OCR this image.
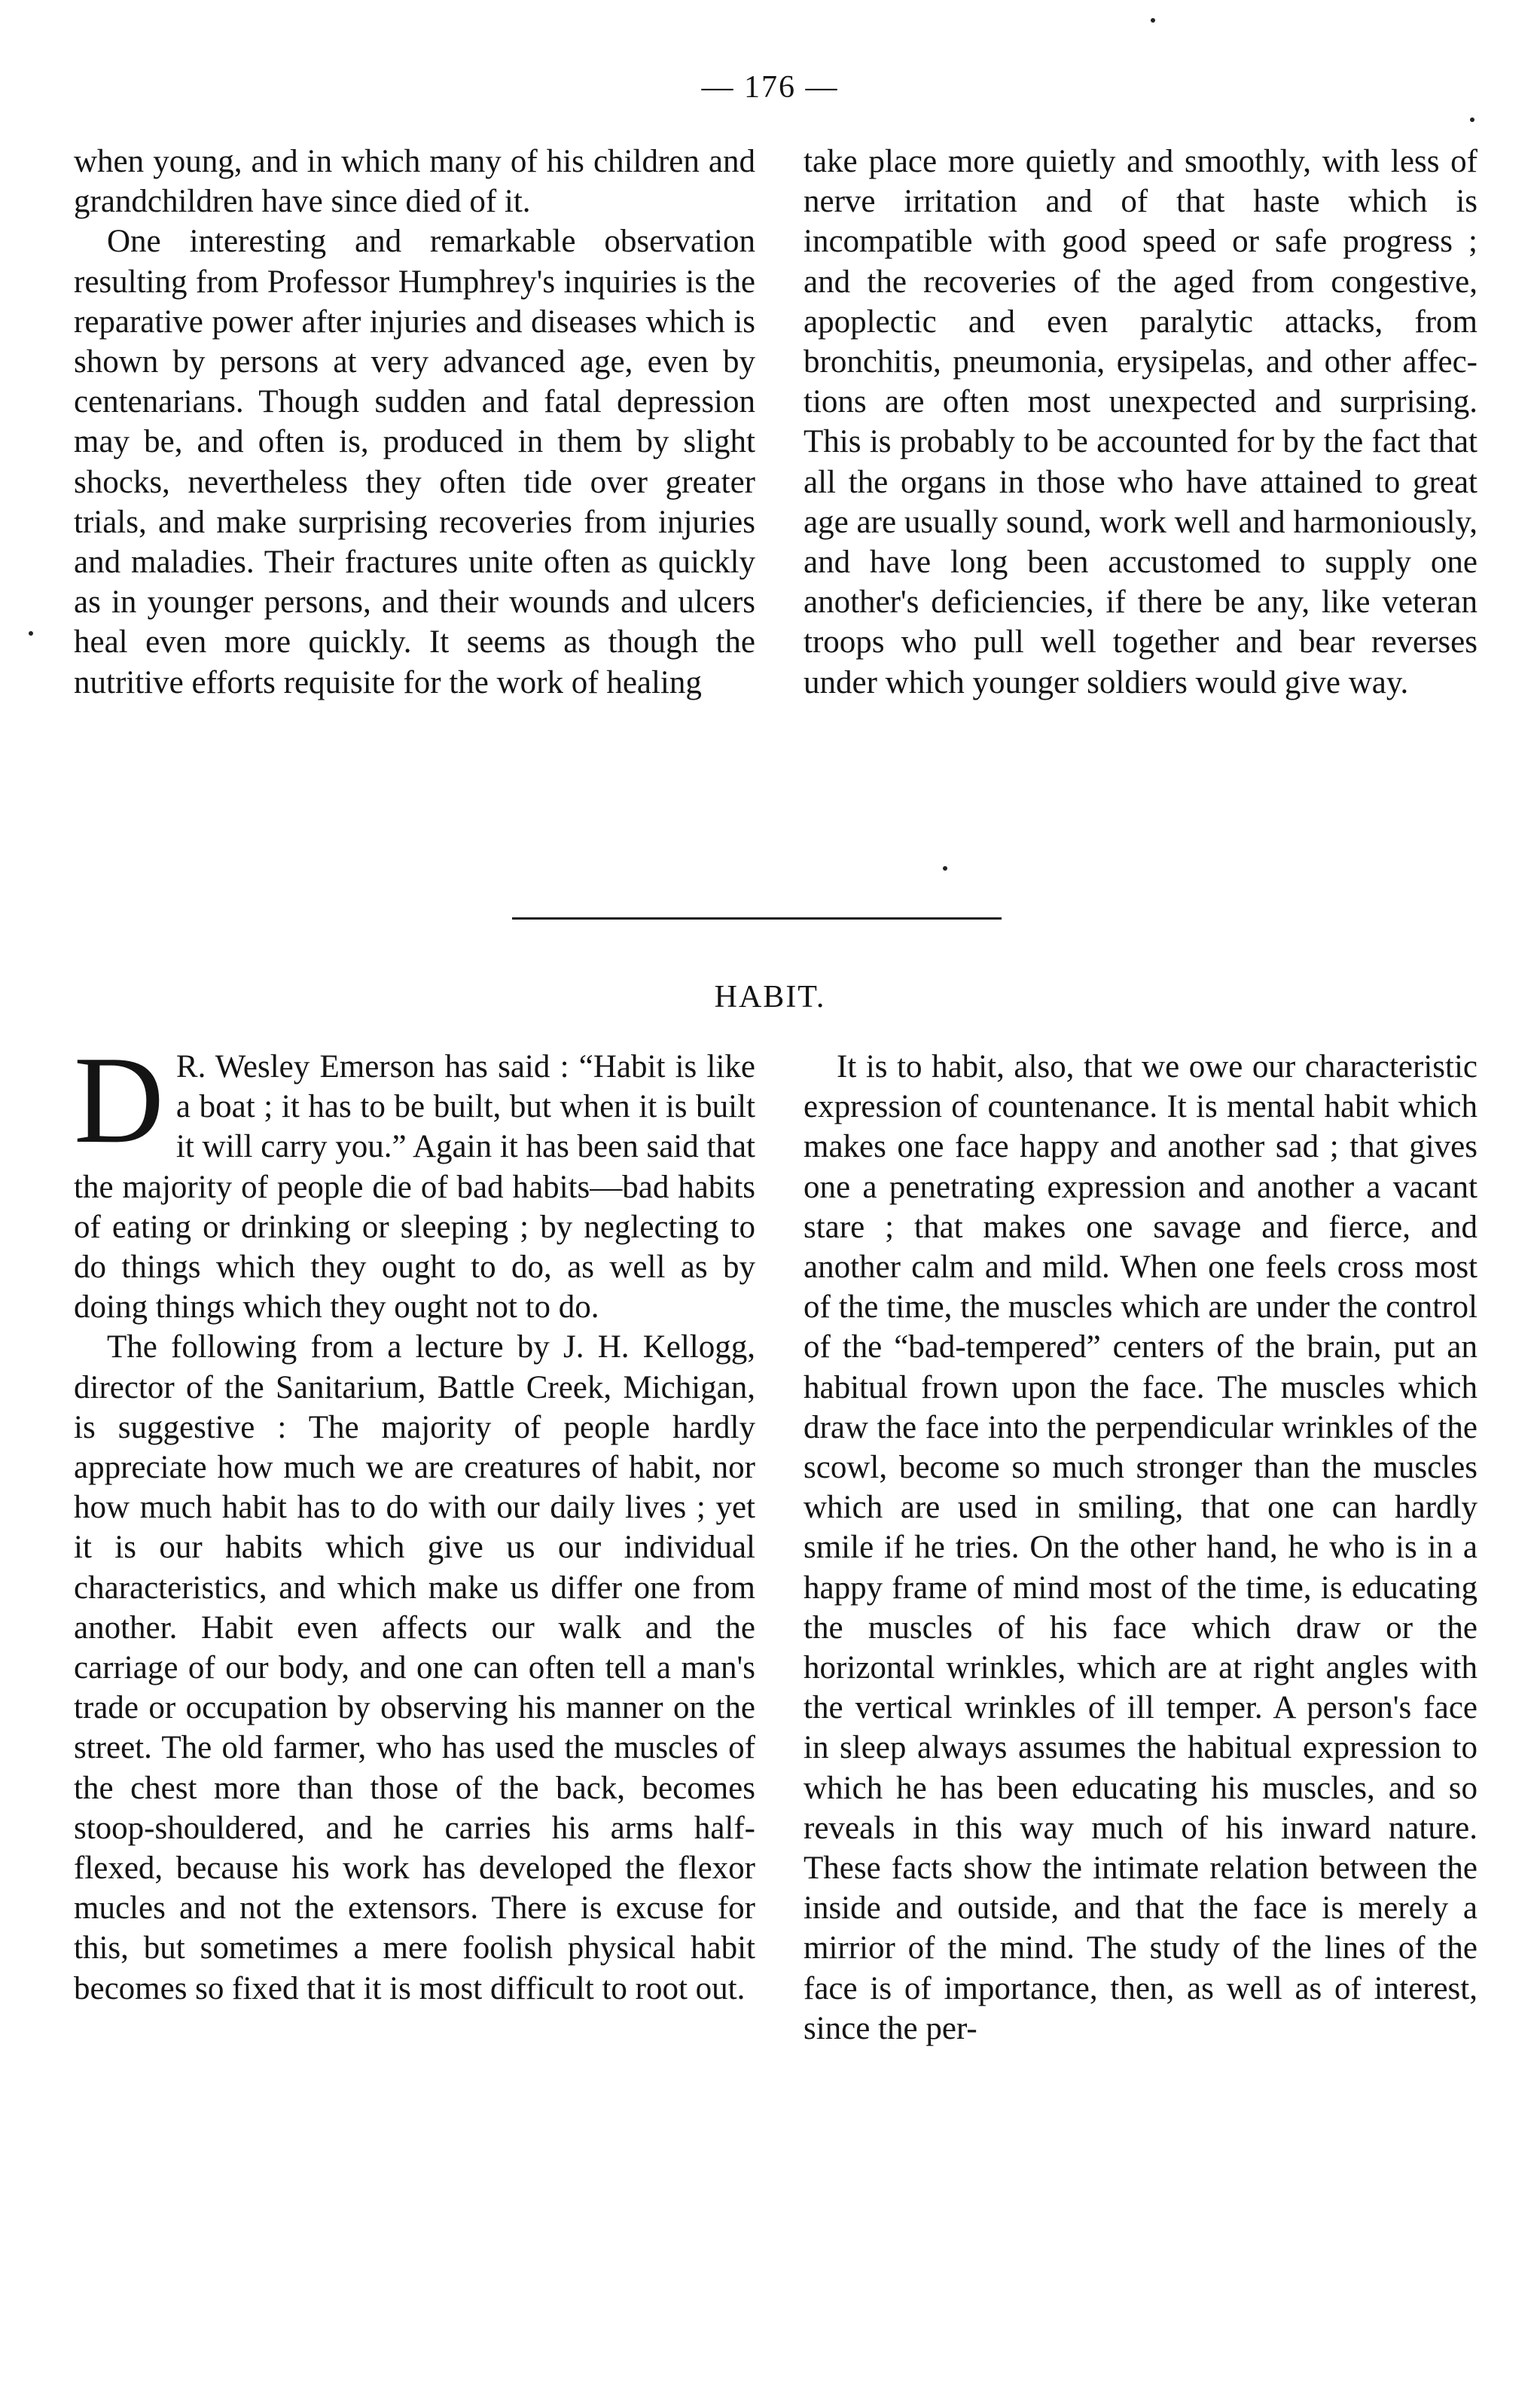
— 176 —

when young, and in which many of his children and grandchildren have since died of it.

One interesting and remarkable observation resulting from Professor Humphrey's inquiries is the reparative power after injuries and diseases which is shown by persons at very advanced age, even by centenarians. Though sudden and fatal depression may be, and often is, produced in them by slight shocks, nevertheless they often tide over greater trials, and make surprising recoveries from injuries and maladies. Their fractures unite often as quickly as in younger persons, and their wounds and ulcers heal even more quickly. It seems as though the nutritive efforts requisite for the work of healing

take place more quietly and smoothly, with less of nerve irritation and of that haste which is incompatible with good speed or safe progress ; and the recoveries of the aged from congestive, apoplectic and even paralytic attacks, from bronchitis, pneumonia, erysipelas, and other affections are often most unexpected and surprising. This is probably to be accounted for by the fact that all the organs in those who have attained to great age are usually sound, work well and harmoniously, and have long been accustomed to supply one another's deficiencies, if there be any, like veteran troops who pull well together and bear reverses under which younger soldiers would give way.

HABIT.

D R. Wesley Emerson has said : “Habit is like a boat ; it has to be built, but when it is built it will carry you.” Again it has been said that the majority of people die of bad habits—bad habits of eating or drinking or sleeping ; by neglecting to do things which they ought to do, as well as by doing things which they ought not to do.

The following from a lecture by J. H. Kellogg, director of the Sanitarium, Battle Creek, Michigan, is suggestive : The majority of people hardly appreciate how much we are creatures of habit, nor how much habit has to do with our daily lives ; yet it is our habits which give us our individual characteristics, and which make us differ one from another. Habit even affects our walk and the carriage of our body, and one can often tell a man's trade or occupation by observing his manner on the street. The old farmer, who has used the muscles of the chest more than those of the back, becomes stoop-shouldered, and he carries his arms half-flexed, because his work has developed the flexor mucles and not the extensors. There is excuse for this, but sometimes a mere foolish physical habit becomes so fixed that it is most difficult to root out.

It is to habit, also, that we owe our characteristic expression of countenance. It is mental habit which makes one face happy and another sad ; that gives one a penetrating expression and another a vacant stare ; that makes one savage and fierce, and another calm and mild. When one feels cross most of the time, the muscles which are under the control of the “bad-tempered” centers of the brain, put an habitual frown upon the face. The muscles which draw the face into the perpendicular wrinkles of the scowl, become so much stronger than the muscles which are used in smiling, that one can hardly smile if he tries. On the other hand, he who is in a happy frame of mind most of the time, is educating the muscles of his face which draw or the horizontal wrinkles, which are at right angles with the vertical wrinkles of ill temper. A person's face in sleep always assumes the habitual expression to which he has been educating his muscles, and so reveals in this way much of his inward nature. These facts show the intimate relation between the inside and outside, and that the face is merely a mirrior of the mind. The study of the lines of the face is of importance, then, as well as of interest, since the per-
